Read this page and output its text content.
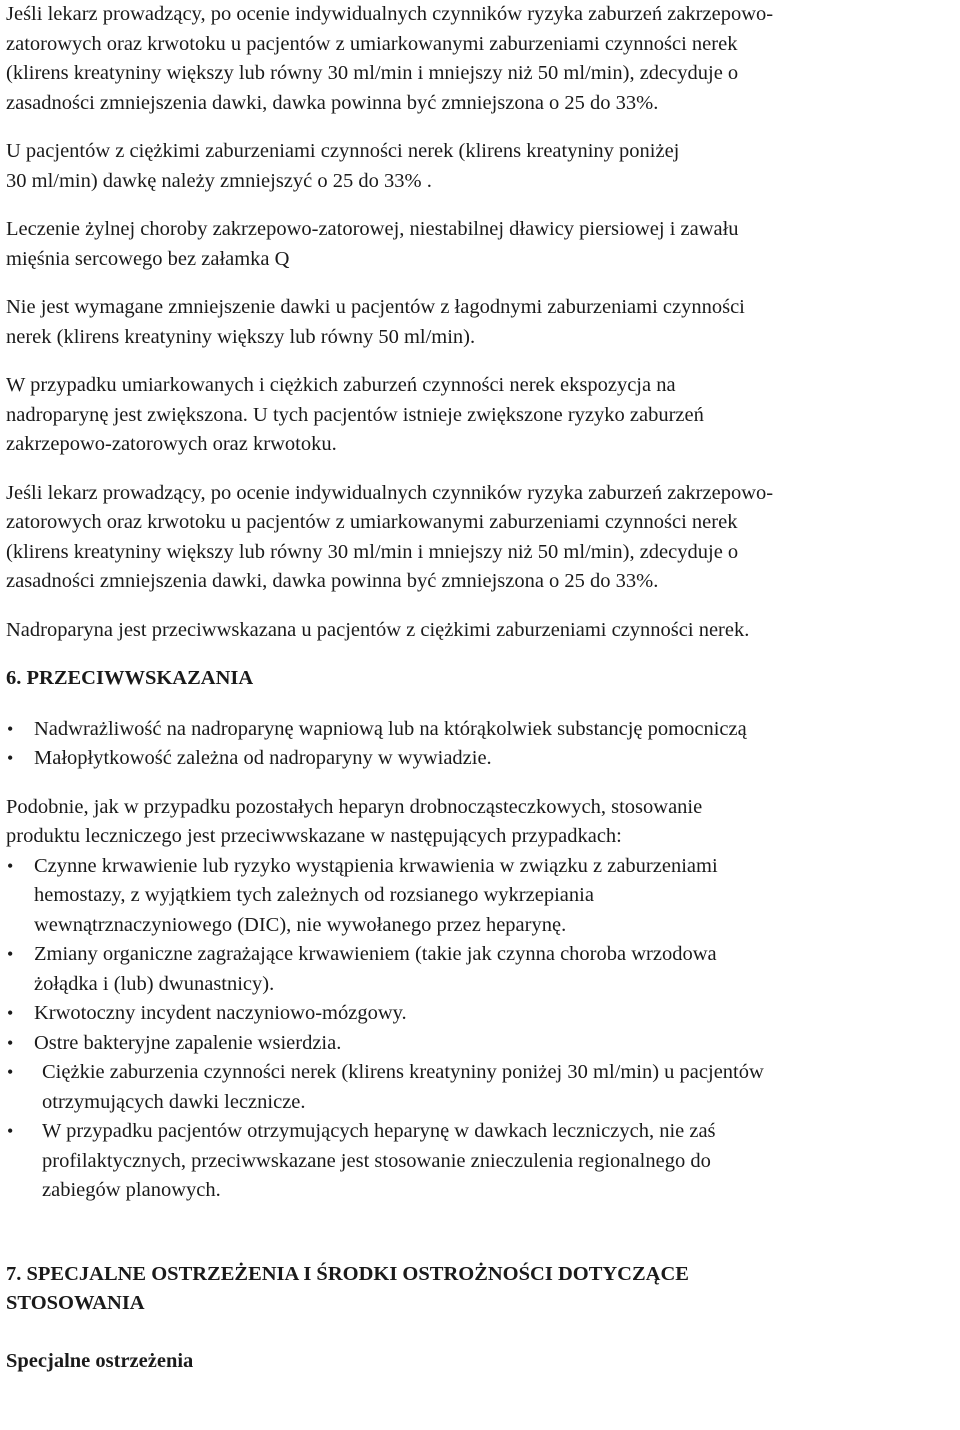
Jeśli lekarz prowadzący, po ocenie indywidualnych czynników ryzyka zaburzeń zakrzepowo-
zatorowych oraz krwotoku u pacjentów z umiarkowanymi zaburzeniami czynności nerek
(klirens kreatyniny większy lub równy 30 ml/min i mniejszy niż 50 ml/min), zdecyduje o
zasadności zmniejszenia dawki, dawka powinna być zmniejszona o 25 do 33%.

U pacjentów z ciężkimi zaburzeniami czynności nerek (klirens kreatyniny poniżej
30 ml/min) dawkę należy zmniejszyć o 25 do 33% .

Leczenie żylnej choroby zakrzepowo-zatorowej, niestabilnej dławicy piersiowej i zawału
mięśnia sercowego bez załamka Q

Nie jest wymagane zmniejszenie dawki u pacjentów z łagodnymi zaburzeniami czynności
nerek (klirens kreatyniny większy lub równy 50 ml/min).

W przypadku umiarkowanych i ciężkich zaburzeń czynności nerek ekspozycja na
nadroparynę jest zwiększona. U tych pacjentów istnieje zwiększone ryzyko zaburzeń
zakrzepowo-zatorowych oraz krwotoku.

Jeśli lekarz prowadzący, po ocenie indywidualnych czynników ryzyka zaburzeń zakrzepowo-
zatorowych oraz krwotoku u pacjentów z umiarkowanymi zaburzeniami czynności nerek
(klirens kreatyniny większy lub równy 30 ml/min i mniejszy niż 50 ml/min), zdecyduje o
zasadności zmniejszenia dawki, dawka powinna być zmniejszona o 25 do 33%.

Nadroparyna jest przeciwwskazana u pacjentów z ciężkimi zaburzeniami czynności nerek.

6. PRZECIWWSKAZANIA

• Nadwrażliwość na nadroparynę wapniową lub na którąkolwiek substancję pomocniczą
• Małopłytkowość zależna od nadroparyny w wywiadzie.

Podobnie, jak w przypadku pozostałych heparyn drobnocząsteczkowych, stosowanie
produktu leczniczego jest przeciwwskazane w następujących przypadkach:

• Czynne krwawienie lub ryzyko wystąpienia krwawienia w związku z zaburzeniami
hemostazy, z wyjątkiem tych zależnych od rozsianego wykrzepiania
wewnątrznaczyniowego (DIC), nie wywołanego przez heparynę.
• Zmiany organiczne zagrażające krwawieniem (takie jak czynna choroba wrzodowa
żołądka i (lub) dwunastnicy).
• Krwotoczny incydent naczyniowo-mózgowy.
• Ostre bakteryjne zapalenie wsierdzia.
• Ciężkie zaburzenia czynności nerek (klirens kreatyniny poniżej 30 ml/min) u pacjentów
otrzymujących dawki lecznicze.
• W przypadku pacjentów otrzymujących heparynę w dawkach leczniczych, nie zaś
profilaktycznych, przeciwwskazane jest stosowanie znieczulenia regionalnego do
zabiegów planowych.

7. SPECJALNE OSTRZEŻENIA I ŚRODKI OSTROŻNOŚCI DOTYCZĄCE
STOSOWANIA

Specjalne ostrzeżenia
